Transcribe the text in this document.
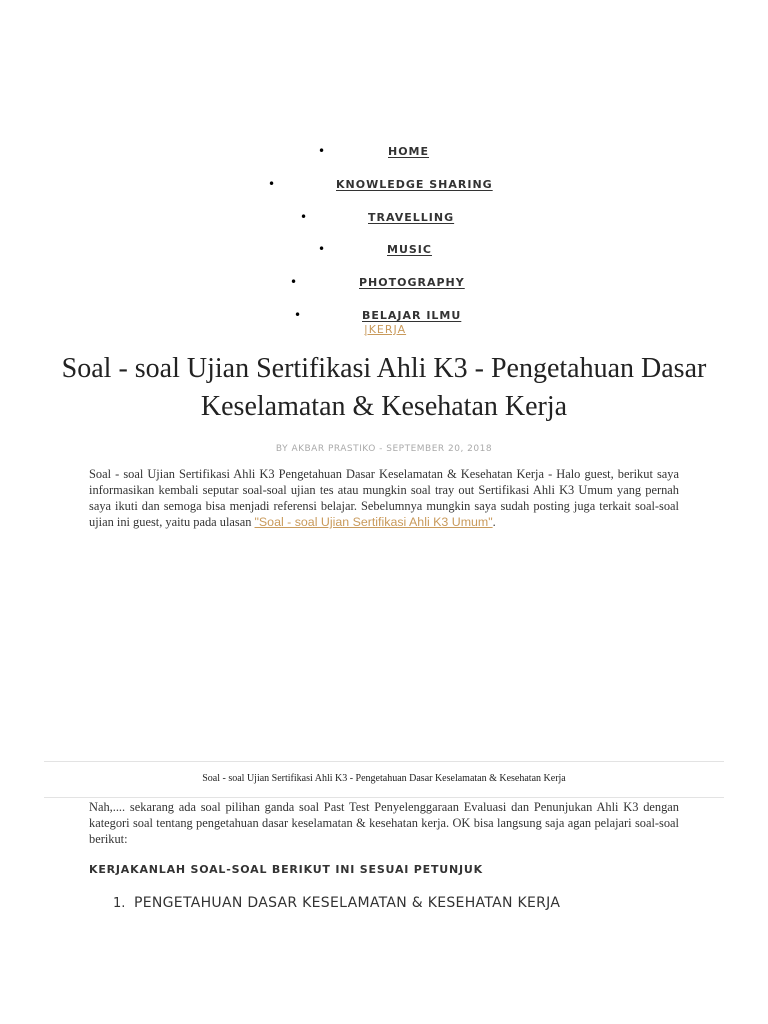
•	HOME
•	KNOWLEDGE SHARING
•	TRAVELLING
•	MUSIC
•	PHOTOGRAPHY
•	BELAJAR ILMU
|KERJA
Soal - soal Ujian Sertifikasi Ahli K3 - Pengetahuan Dasar Keselamatan & Kesehatan Kerja
BY AKBAR PRASTIKO - SEPTEMBER 20, 2018

Soal - soal Ujian Sertifikasi Ahli K3 Pengetahuan Dasar Keselamatan & Kesehatan Kerja - Halo guest, berikut saya informasikan kembali seputar soal-soal ujian tes atau mungkin soal tray out Sertifikasi Ahli K3 Umum yang pernah saya ikuti dan semoga bisa menjadi referensi belajar. Sebelumnya mungkin saya sudah posting juga terkait soal-soal ujian ini guest, yaitu pada ulasan "Soal - soal Ujian Sertifikasi Ahli K3 Umum".

Soal - soal Ujian Sertifikasi Ahli K3 - Pengetahuan Dasar Keselamatan & Kesehatan Kerja

Nah,.... sekarang ada soal pilihan ganda soal Past Test Penyelenggaraan Evaluasi dan Penunjukan Ahli K3 dengan kategori soal tentang pengetahuan dasar keselamatan & kesehatan kerja. OK bisa langsung saja agan pelajari soal-soal berikut:

KERJAKANLAH SOAL-SOAL BERIKUT INI SESUAI PETUNJUK
1. PENGETAHUAN DASAR KESELAMATAN & KESEHATAN KERJA
